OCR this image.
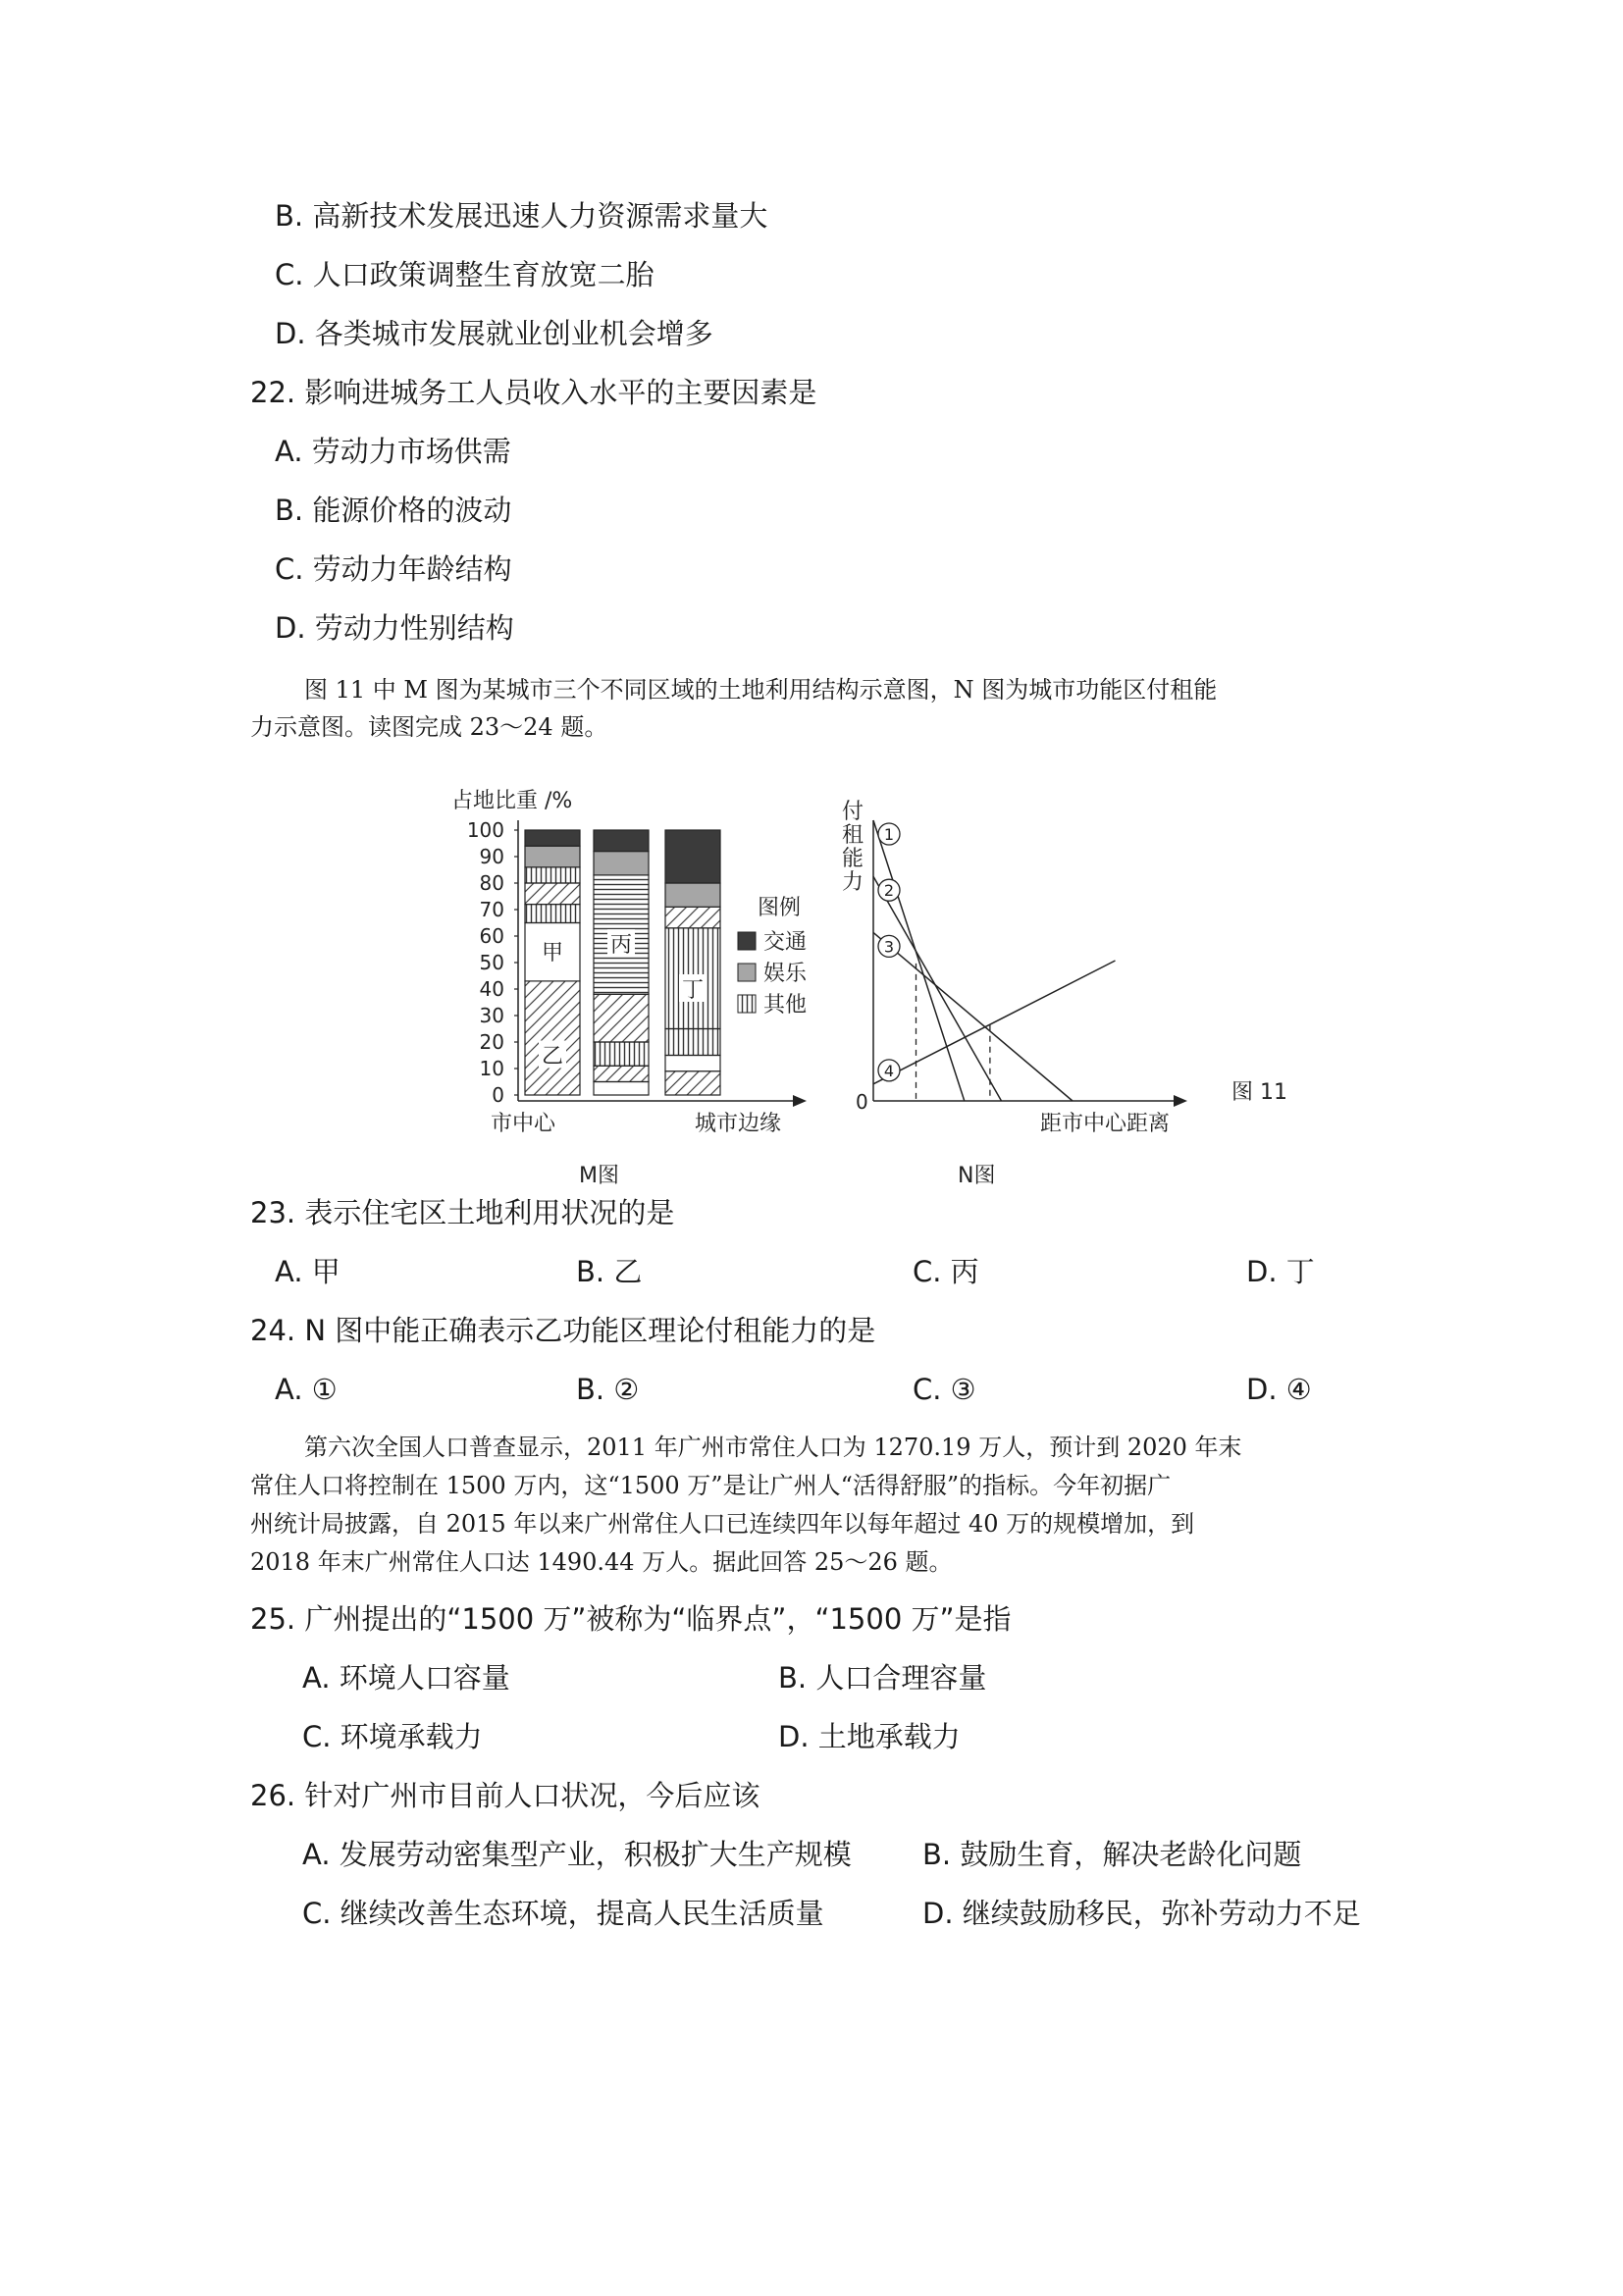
B. 高新技术发展迅速人力资源需求量大
C. 人口政策调整生育放宽二胎
D. 各类城市发展就业创业机会增多
22. 影响进城务工人员收入水平的主要因素是
A. 劳动力市场供需
B. 能源价格的波动
C. 劳动力年龄结构
D. 劳动力性别结构
图 11 中 M 图为某城市三个不同区域的土地利用结构示意图，N 图为城市功能区付租能
力示意图。读图完成 23～24 题。
占地比重 /%
0
10
20
30
40
50
60
70
80
90
100
甲 丙
乙
丁
市中心	城市边缘
M图
图例
交通
娱乐
其他
付
租
能
力
0
1
2
3
4
距市中心距离
N图
图 11
23. 表示住宅区土地利用状况的是
A. 甲	B. 乙	C. 丙	D. 丁
24. N 图中能正确表示乙功能区理论付租能力的是
A. ①	B. ②	C. ③	D. ④
第六次全国人口普查显示，2011 年广州市常住人口为 1270.19 万人，预计到 2020 年末
常住人口将控制在 1500 万内，这“1500 万”是让广州人“活得舒服”的指标。今年初据广
州统计局披露，自 2015 年以来广州常住人口已连续四年以每年超过 40 万的规模增加，到
2018 年末广州常住人口达 1490.44 万人。据此回答 25～26 题。
25. 广州提出的“1500 万”被称为“临界点”，“1500 万”是指
A. 环境人口容量	B. 人口合理容量
C. 环境承载力	D. 土地承载力
26. 针对广州市目前人口状况，今后应该
A. 发展劳动密集型产业，积极扩大生产规模 B. 鼓励生育，解决老龄化问题
C. 继续改善生态环境，提高人民生活质量	D. 继续鼓励移民，弥补劳动力不足
